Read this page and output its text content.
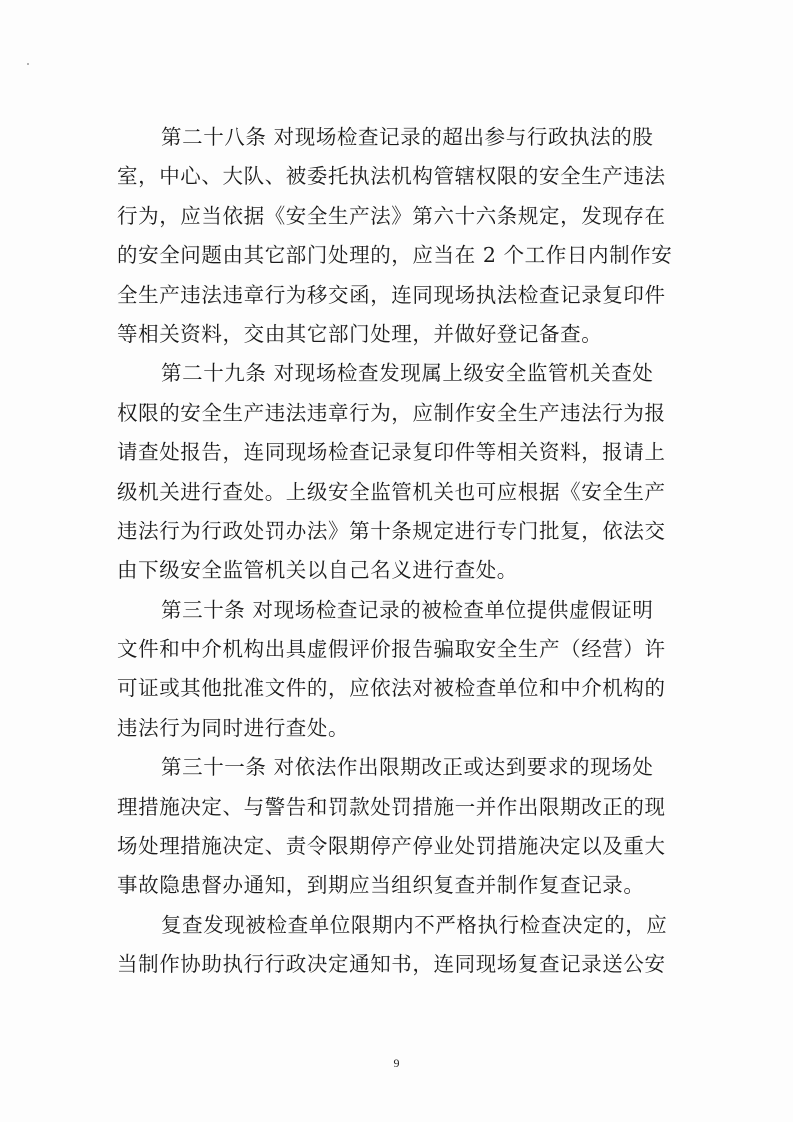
第二十八条 对现场检查记录的超出参与行政执法的股
室，中心、大队、被委托执法机构管辖权限的安全生产违法
行为，应当依据《安全生产法》第六十六条规定，发现存在
的安全问题由其它部门处理的，应当在 2 个工作日内制作安
全生产违法违章行为移交函，连同现场执法检查记录复印件
等相关资料，交由其它部门处理，并做好登记备查。
第二十九条 对现场检查发现属上级安全监管机关查处
权限的安全生产违法违章行为，应制作安全生产违法行为报
请查处报告，连同现场检查记录复印件等相关资料，报请上
级机关进行查处。上级安全监管机关也可应根据《安全生产
违法行为行政处罚办法》第十条规定进行专门批复，依法交
由下级安全监管机关以自己名义进行查处。
第三十条 对现场检查记录的被检查单位提供虚假证明
文件和中介机构出具虚假评价报告骗取安全生产（经营）许
可证或其他批准文件的，应依法对被检查单位和中介机构的
违法行为同时进行查处。
第三十一条 对依法作出限期改正或达到要求的现场处
理措施决定、与警告和罚款处罚措施一并作出限期改正的现
场处理措施决定、责令限期停产停业处罚措施决定以及重大
事故隐患督办通知，到期应当组织复查并制作复查记录。
复查发现被检查单位限期内不严格执行检查决定的，应
当制作协助执行行政决定通知书，连同现场复查记录送公安
9
